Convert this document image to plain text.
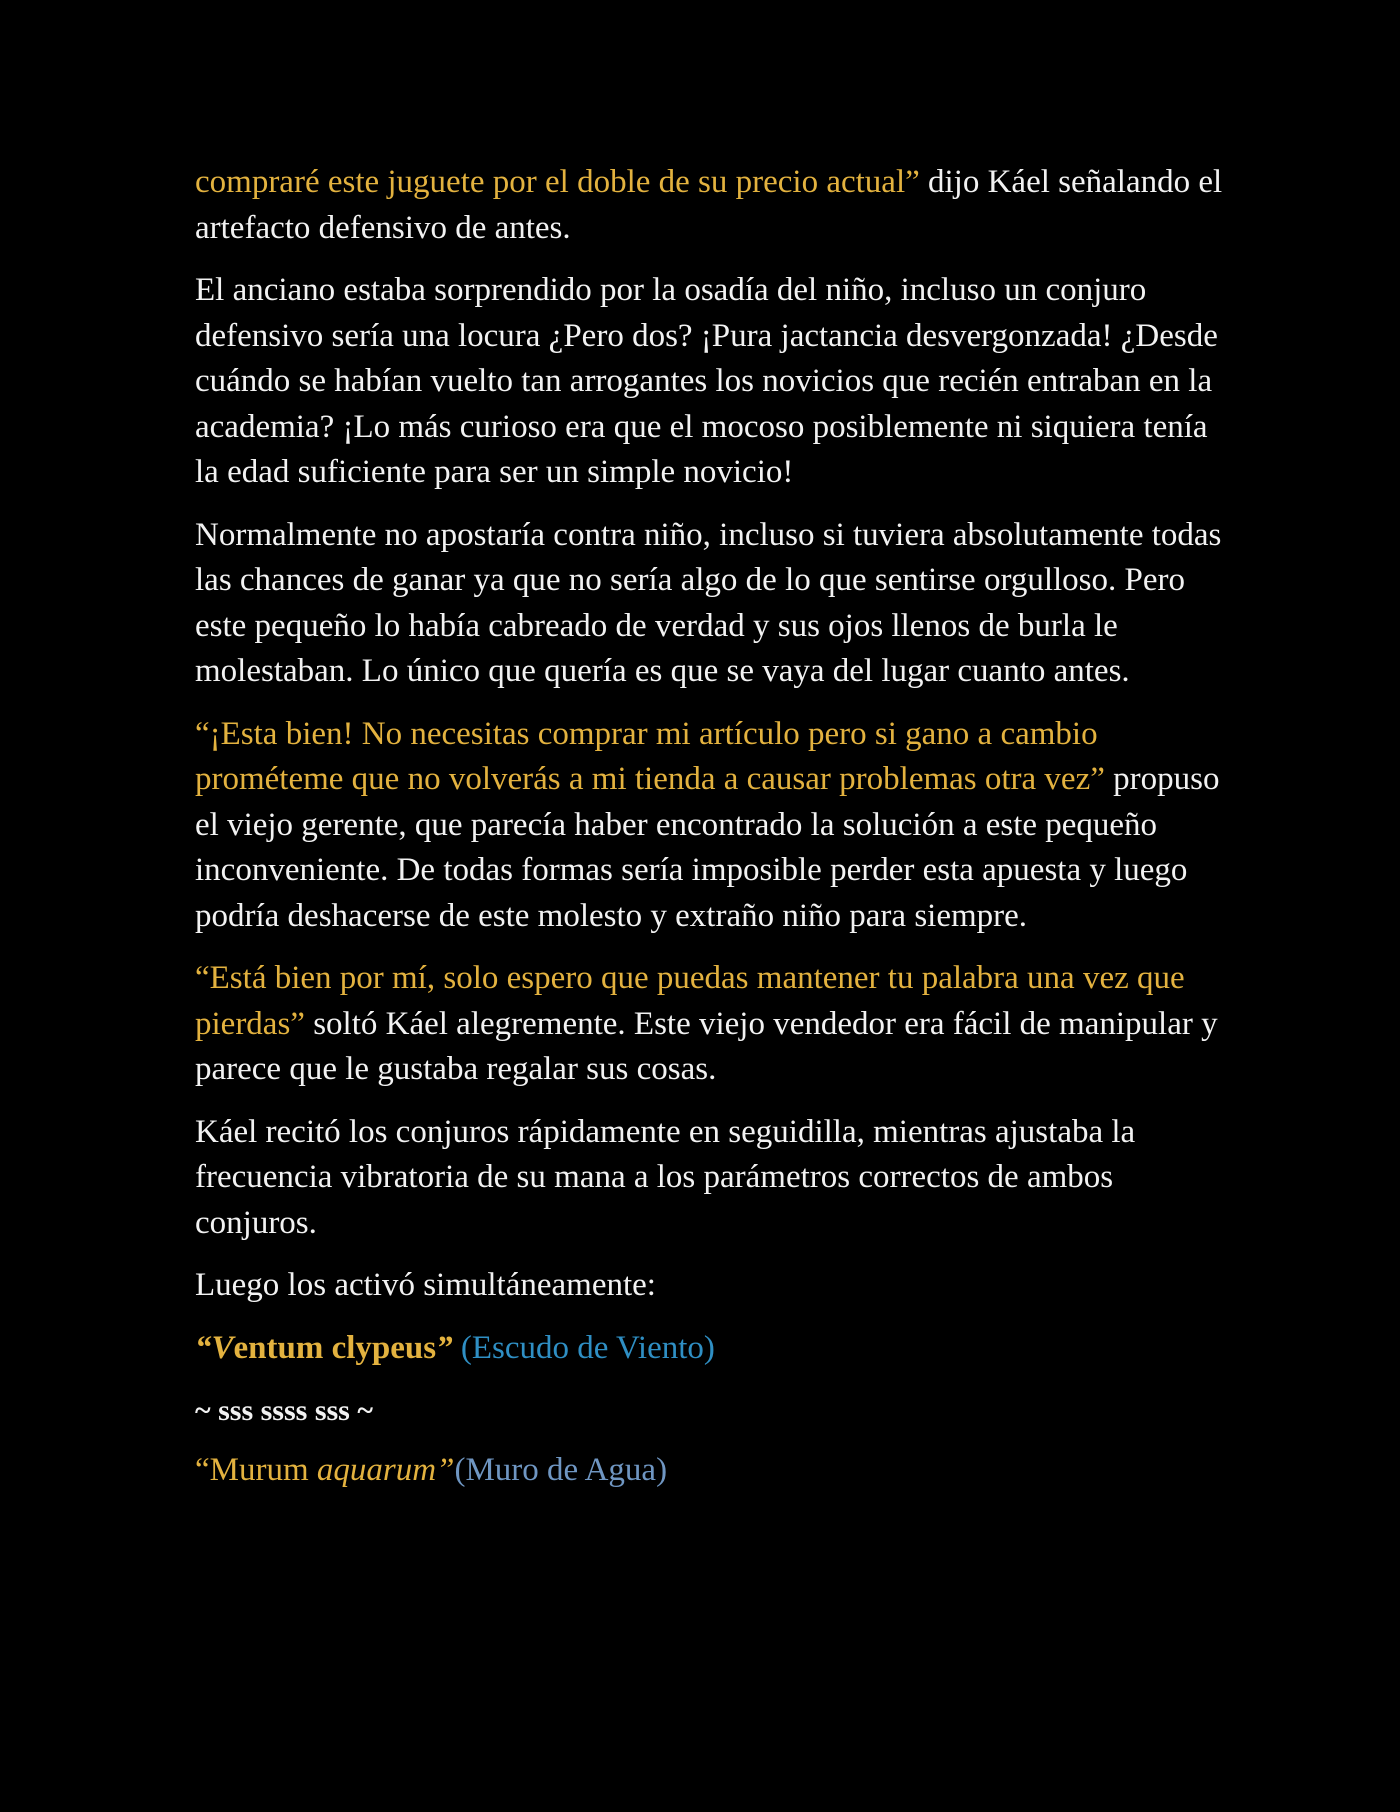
compraré este juguete por el doble de su precio actual” dijo Káel señalando el artefacto defensivo de antes.

El anciano estaba sorprendido por la osadía del niño, incluso un conjuro defensivo sería una locura ¿Pero dos? ¡Pura jactancia desvergonzada! ¿Desde cuándo se habían vuelto tan arrogantes los novicios que recién entraban en la academia? ¡Lo más curioso era que el mocoso posiblemente ni siquiera tenía la edad suficiente para ser un simple novicio!

Normalmente no apostaría contra niño, incluso si tuviera absolutamente todas las chances de ganar ya que no sería algo de lo que sentirse orgulloso. Pero este pequeño lo había cabreado de verdad y sus ojos llenos de burla le molestaban. Lo único que quería es que se vaya del lugar cuanto antes.

“¡Esta bien! No necesitas comprar mi artículo pero si gano a cambio prométeme que no volverás a mi tienda a causar problemas otra vez” propuso el viejo gerente, que parecía haber encontrado la solución a este pequeño inconveniente. De todas formas sería imposible perder esta apuesta y luego podría deshacerse de este molesto y extraño niño para siempre.

“Está bien por mí, solo espero que puedas mantener tu palabra una vez que pierdas” soltó Káel alegremente. Este viejo vendedor era fácil de manipular y parece que le gustaba regalar sus cosas.

Káel recitó los conjuros rápidamente en seguidilla, mientras ajustaba la frecuencia vibratoria de su mana a los parámetros correctos de ambos conjuros.

Luego los activó simultáneamente:

“Ventum clypeus” (Escudo de Viento)

~ sss ssss sss ~

“Murum aquarum”(Muro de Agua)
